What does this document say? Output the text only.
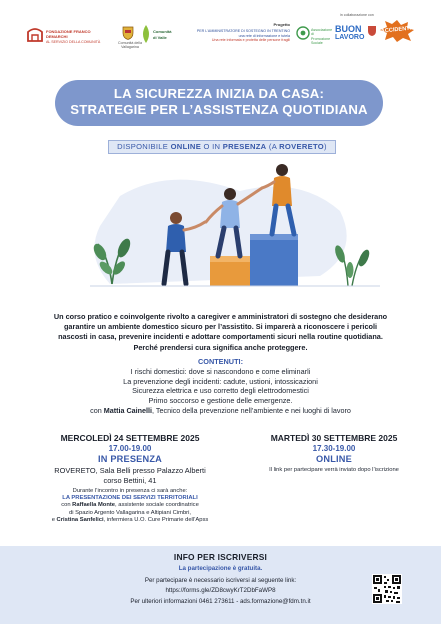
FONDAZIONE FRANCO DEMARCHI
AL SERVIZIO DELLA COMUNITÀ	Comunità della Vallagarina
Comunità
di Valle
Progetto
PER L'AMMINISTRATORE DI SOSTEGNO IN TRENTINO
una rete di informazione e tutela
Una rete informata e protetta delle persone fragili
Associazione di Promozione Sociale
in collaborazione con
BUON
LAVORO
ACCIDENTI!
LA SICUREZZA INIZIA DA CASA:
STRATEGIE PER L’ASSISTENZA QUOTIDIANA
DISPONIBILE ONLINE O IN PRESENZA (A ROVERETO)
Un corso pratico e coinvolgente rivolto a caregiver e amministratori di sostegno che desiderano
garantire un ambiente domestico sicuro per l’assistito. Si imparerà a riconoscere i pericoli
nascosti in casa, prevenire incidenti e adottare comportamenti sicuri nella routine quotidiana.
Perché prendersi cura significa anche proteggere.
CONTENUTI:
I rischi domestici: dove si nascondono e come eliminarli
La prevenzione degli incidenti: cadute, ustioni, intossicazioni
Sicurezza elettrica e uso corretto degli elettrodomestici
Primo soccorso e gestione delle emergenze.
con Mattia Cainelli, Tecnico della prevenzione nell’ambiente e nei luoghi di lavoro
MERCOLEDÌ 24 SETTEMBRE 2025
17.00-19.00
IN PRESENZA
ROVERETO, Sala Belli presso Palazzo Alberti
corso Bettini, 41
Durante l’incontro in presenza ci sarà anche:
LA PRESENTAZIONE DEI SERVIZI TERRITORIALI
con Raffaella Monte, assistente sociale coordinatrice
di Spazio Argento Vallagarina e Altipiani Cimbri,
e Cristina Sanfelici, infermiera U.O. Cure Primarie dell’Apss
MARTEDÌ 30 SETTEMBRE 2025
17.30-19.00
ONLINE
Il link per partecipare verrà inviato dopo l’iscrizione
INFO PER ISCRIVERSI
La partecipazione è gratuita.
Per partecipare è necessario iscriversi al seguente link:
https://forms.gle/ZD8cwyKrT2DbFaWP8
Per ulteriori informazioni 0461 273611 - ads.formazione@fdm.tn.it
